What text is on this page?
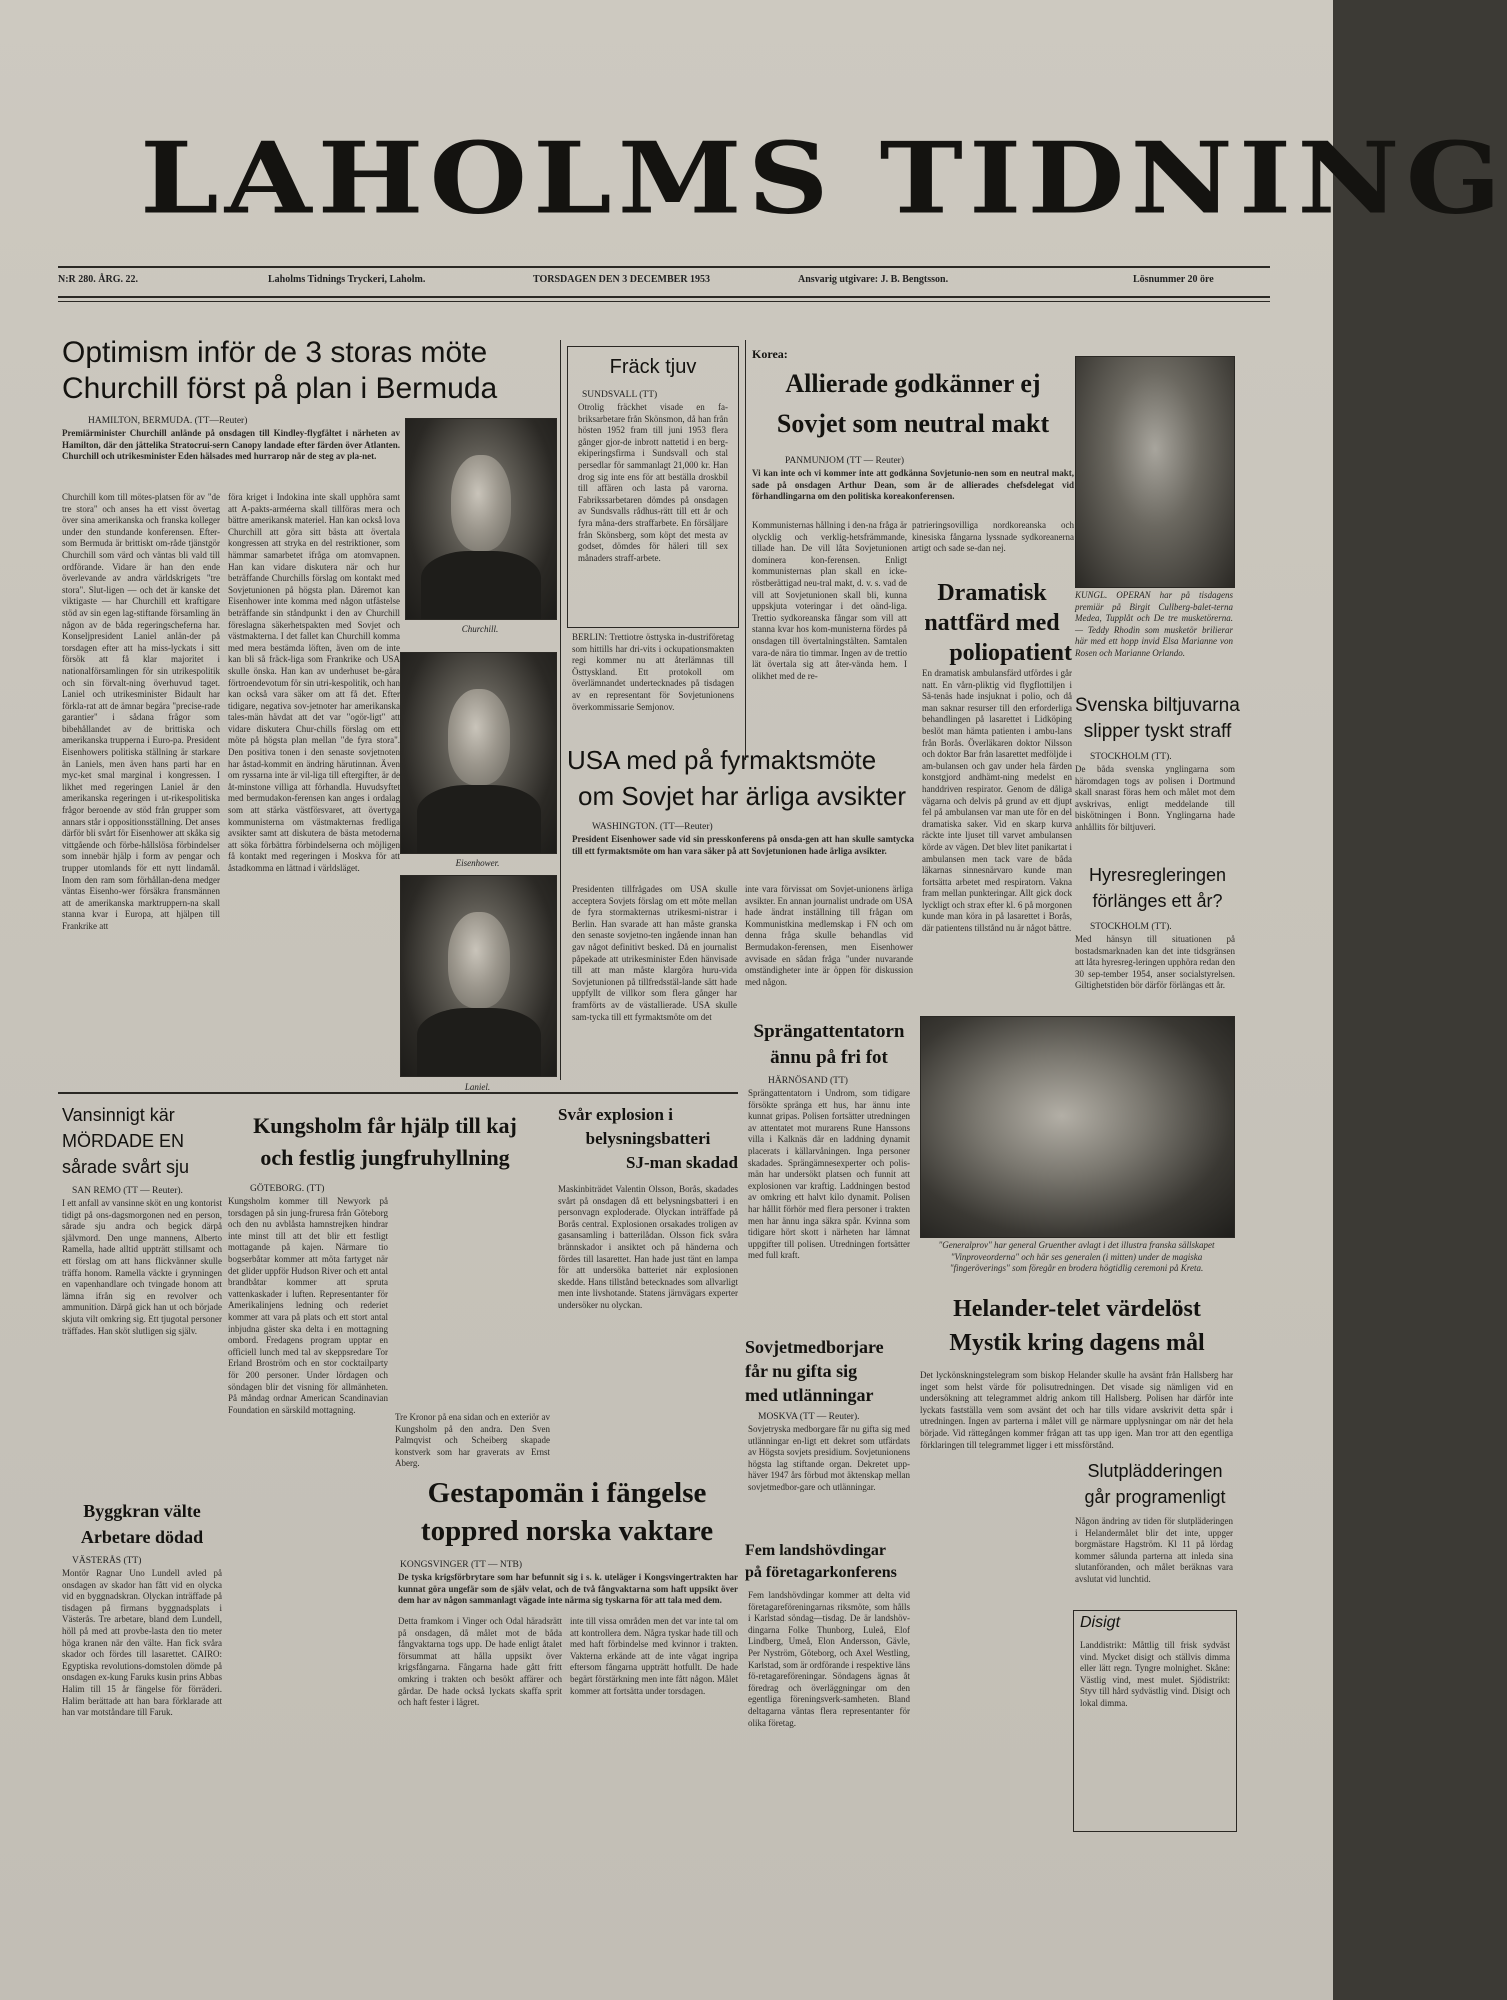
LAHOLMS TIDNING
N:R 280. ÅRG. 22.	Laholms Tidnings Tryckeri, Laholm.	TORSDAGEN DEN 3 DECEMBER 1953	Ansvarig utgivare: J. B. Bengtsson.	Lösnummer 20 öre
Optimism inför de 3 storas möte
Churchill först på plan i Bermuda
HAMILTON, BERMUDA. (TT—Reuter)
Premiärminister Churchill anlände på onsdagen till Kindley-flygfältet i närheten av Hamilton, där den jättelika Stratocrui-sern Canopy landade efter färden över Atlanten. Churchill och utrikesminister Eden hälsades med hurrarop när de steg av pla-net.
Churchill kom till mötes-platsen för av "de tre stora" och anses ha ett visst övertag över sina amerikanska och franska kolleger under den stundande konferensen. Efter-som Bermuda är brittiskt om-råde tjänstgör Churchill som värd och väntas bli vald till ordförande. Vidare är han den ende överlevande av andra världskrigets "tre stora". Slut-ligen — och det är kanske det viktigaste — har Churchill ett kraftigare stöd av sin egen lag-stiftande församling än någon av de båda regeringscheferna har. Konseljpresident Laniel anlän-der på torsdagen efter att ha miss-lyckats i sitt försök att få klar majoritet i nationalförsamlingen för sin utrikespolitik och sin förvalt-ning överhuvud taget. Laniel och utrikesminister Bidault har förkla-rat att de ämnar begära "precise-rade garantier" i sådana frågor som bibehållandet av de brittiska och amerikanska trupperna i Euro-pa. President Eisenhowers politiska ställning är starkare än Laniels, men även hans parti har en myc-ket smal marginal i kongressen. I likhet med regeringen Laniel är den amerikanska regeringen i ut-rikespolitiska frågor beroende av stöd från grupper som annars står i oppositionsställning. Det anses därför bli svårt för Eisenhower att skåka sig vittgående och förbe-hållslösa förbindelser som innebär hjälp i form av pengar och trupper utomlands för ett nytt lindamål. Inom den ram som förhållan-dena medger väntas Eisenho-wer försäkra fransmännen att de amerikanska marktruppern-na skall stanna kvar i Europa, att hjälpen till Frankrike att
föra kriget i Indokina inte skall upphöra samt att A-pakts-arméerna skall tillföras mera och bättre amerikansk materiel. Han kan också lova Churchill att göra sitt bästa att övertala kongressen att stryka en del restriktioner, som hämmar samarbetet ifråga om atomvapnen. Han kan vidare diskutera när och hur beträffande Churchills förslag om kontakt med Sovjetunionen på högsta plan. Däremot kan Eisenhower inte komma med någon utfästelse beträffande sin ståndpunkt i den av Churchill föreslagna säkerhetspakten med Sovjet och västmakterna. I det fallet kan Churchill komma med mera bestämda löften, även om de inte kan bli så fräck-liga som Frankrike och USA skulle önska. Han kan av underhuset be-gära förtroendevotum för sin utri-kespolitik, och han kan också vara säker om att få det. Efter tidigare, negativa sov-jetnoter har amerikanska tales-män hävdat att det var "ogör-ligt" att vidare diskutera Chur-chills förslag om ett möte på högsta plan mellan "de fyra stora". Den positiva tonen i den senaste sovjetnoten har åstad-kommit en ändring härutinnan. Även om ryssarna inte är vil-liga till eftergifter, är de åt-minstone villiga att förhandla. Huvudsyftet med bermudakon-ferensen kan anges i ordalag som att stärka västförsvaret, att övertyga kommunisterna om västmakternas fredliga avsikter samt att diskutera de bästa metoderna att söka förbättra förbindelserna och möjligen få kontakt med regeringen i Moskva för att åstadkomma en lättnad i världsläget.
Churchill.
Eisenhower.
Laniel.
Fräck tjuv
SUNDSVALL (TT)
Otrolig fräckhet visade en fa-briksarbetare från Skönsmon, då han från hösten 1952 fram till juni 1953 flera gånger gjor-de inbrott nattetid i en berg-ekiperingsfirma i Sundsvall och stal persedlar för sammanlagt 21,000 kr. Han drog sig inte ens för att beställa droskbil till affären och lasta på varorna. Fabrikssarbetaren dömdes på onsdagen av Sundsvalls rådhus-rätt till ett år och fyra måna-ders straffarbete. En försäljare från Skönsberg, som köpt det mesta av godset, dömdes för häleri till sex månaders straff-arbete.
BERLIN: Trettiotre östtyska in-dustriföretag som hittills har dri-vits i ockupationsmakten regi kommer nu att återlämnas till Östtyskland. Ett protokoll om överlämnandet undertecknades på tisdagen av en representant för Sovjetunionens överkommissarie Semjonov.
Korea:
Allierade godkänner ej
Sovjet som neutral makt
PANMUNJOM (TT — Reuter)
Vi kan inte och vi kommer inte att godkänna Sovjetunio-nen som en neutral makt, sade på onsdagen Arthur Dean, som är de allierades chefsdelegat vid förhandlingarna om den politiska koreakonferensen.
Kommunisternas hållning i den-na fråga är olycklig och verklig-hetsfrämmande, tillade han. De vill låta Sovjetunionen dominera kon-ferensen. Enligt kommunisternas plan skall en icke-röstberättigad neu-tral makt, d. v. s. vad de vill att Sovjetunionen skall bli, kunna uppskjuta voteringar i det oänd-liga. Trettio sydkoreanska fångar som vill att stanna kvar hos kom-munisterna fördes på onsdagen till övertalningstälten. Samtalen vara-de nära tio timmar. Ingen av de trettio lät övertala sig att åter-vända hem. I olikhet med de re-
patrieringsovilliga nordkoreanska och kinesiska fångarna lyssnade sydkoreanerna artigt och sade se-dan nej.
USA med på fyrmaktsmöte
om Sovjet har ärliga avsikter
WASHINGTON. (TT—Reuter)
President Eisenhower sade vid sin presskonferens på onsda-gen att han skulle samtycka till ett fyrmaktsmöte om han vara säker på att Sovjetunionen hade ärliga avsikter.
Presidenten tillfrågades om USA skulle acceptera Sovjets förslag om ett möte mellan de fyra stormakternas utrikesmi-nistrar i Berlin. Han svarade att han måste granska den senaste sovjetno-ten ingående innan han gav något definitivt besked. Då en journalist påpekade att utrikesminister Eden hänvisade till att man måste klargöra huru-vida Sovjetunionen på tillfredsstäl-lande sätt hade uppfyllt de villkor som flera gånger har framförts av de västallierade. USA skulle sam-tycka till ett fyrmaktsmöte om det
inte vara förvissat om Sovjet-unionens ärliga avsikter. En annan journalist undrade om USA hade ändrat inställning till frågan om Kommunistkina medlemskap i FN och om denna fråga skulle behandlas vid Bermudakon-ferensen, men Eisenhower avvisade en sådan fråga "under nuvarande omständigheter inte är öppen för diskussion med någon.
Dramatisk
nattfärd med
poliopatient
En dramatisk ambulansfärd utfördes i går natt. En vårn-pliktig vid flygflottiljen i Sä-tenäs hade insjuknat i polio, och då man saknar resurser till den erforderliga behandlingen på lasarettet i Lidköping beslöt man hämta patienten i ambu-lans från Borås. Överläkaren doktor Nilsson och doktor Bar från lasarettet medföljde i am-bulansen och gav under hela färden konstgjord andhämt-ning medelst en handdriven respirator. Genom de dåliga vägarna och delvis på grund av ett djupt fel på ambulansen var man ute för en del dramatiska saker. Vid en skarp kurva räckte inte ljuset till varvet ambulansen körde av vägen. Det blev litet panikartat i ambulansen men tack vare de båda läkarnas sinnesnärvaro kunde man fortsätta arbetet med respiratorn. Vakna fram mellan punkteringar. Allt gick dock lyckligt och strax efter kl. 6 på morgonen kunde man köra in på lasarettet i Borås, där patientens tillstånd nu är något bättre.
KUNGL. OPERAN har på tisdagens premiär på Birgit Cullberg-balet-terna Medea, Tupplåt och De tre musketörerna. — Teddy Rhodin som musketör brilierar här med ett hopp invid Elsa Marianne von Rosen och Marianne Orlando.
Svenska biltjuvarna
slipper tyskt straff
STOCKHOLM (TT).
De båda svenska ynglingarna som häromdagen togs av polisen i Dortmund skall snarast föras hem och målet mot dem avskrivas, enligt meddelande till biskötningen i Bonn. Ynglingarna hade anhållits för biltjuveri.
Hyresregleringen
förlänges ett år?
STOCKHOLM (TT).
Med hänsyn till situationen på bostadsmarknaden kan det inte tidsgränsen att låta hyresreg-leringen upphöra redan den 30 sep-tember 1954, anser socialstyrelsen. Giltighetstiden bör därför förlängas ett år.
"Generalprov" har general Gruenther avlagt i det illustra franska sällskapet "Vinproveorderna" och här ses generalen (i mitten) under de magiska "fingeröverings" som föregår en brodera högtidlig ceremoni på Kreta.
Sprängattentatorn
ännu på fri fot
HÄRNÖSAND (TT)
Sprängattentatorn i Undrom, som tidigare försökte spränga ett hus, har ännu inte kunnat gripas. Polisen fortsätter utredningen av attentatet mot murarens Rune Hanssons villa i Kalknäs där en laddning dynamit placerats i källarvåningen. Inga personer skadades. Sprängämnesexperter och polis-män har undersökt platsen och funnit att explosionen var kraftig. Laddningen bestod av omkring ett halvt kilo dynamit. Polisen har hållit förhör med flera personer i trakten men har ännu inga säkra spår. Kvinna som tidigare hört skott i närheten har lämnat uppgifter till polisen. Utredningen fortsätter med full kraft.
Sovjetmedborjare
får nu gifta sig
med utlänningar
MOSKVA (TT — Reuter).
Sovjetryska medborgare får nu gifta sig med utlänningar en-ligt ett dekret som utfärdats av Högsta sovjets presidium. Sovjetunionens högsta lag stiftande organ. Dekretet upp-häver 1947 års förbud mot äktenskap mellan sovjetmedbor-gare och utlänningar.
Fem landshövdingar
på företagarkonferens
Fem landshövdingar kommer att delta vid företagareföreningarnas riksmöte, som hålls i Karlstad söndag—tisdag. De är landshöv-dingarna Folke Thunborg, Luleå, Elof Lindberg, Umeå, Elon Andersson, Gävle, Per Nyström, Göteborg, och Axel Westling, Karlstad, som är ordförande i respektive läns fö-retagareföreningar. Söndagens ägnas åt föredrag och överläggningar om den egentliga föreningsverk-samheten. Bland deltagarna väntas flera representanter för olika företag.
Helander-telet värdelöst
Mystik kring dagens mål
Det lyckönskningstelegram som biskop Helander skulle ha avsänt från Hallsberg har inget som helst värde för polisutredningen. Det visade sig nämligen vid en undersökning att telegrammet aldrig ankom till Hallsberg. Polisen har därför inte lyckats fastställa vem som avsänt det och har tills vidare avskrivit detta spår i utredningen. Ingen av parterna i målet vill ge närmare upplysningar om när det hela började. Vid rättegången kommer frågan att tas upp igen. Man tror att den egentliga förklaringen till telegrammet ligger i ett missförstånd.
Slutplädderingen
går programenligt
Någon ändring av tiden för slutpläderingen i Helandermålet blir det inte, uppger borgmästare Hagström. Kl 11 på lördag kommer sålunda parterna att inleda sina slutanföranden, och målet beräknas vara avslutat vid lunchtid.
Disigt
Landdistrikt: Måttlig till frisk sydväst vind. Mycket disigt och ställvis dimma eller lätt regn. Tyngre molnighet. Skåne: Västlig vind, mest mulet. Sjödistrikt: Styv till hård sydvästlig vind. Disigt och lokal dimma.
Vansinnigt kär
MÖRDADE EN
sårade svårt sju
SAN REMO (TT — Reuter).
I ett anfall av vansinne sköt en ung kontorist tidigt på ons-dagsmorgonen ned en person, sårade sju andra och begick därpå självmord. Den unge mannens, Alberto Ramella, hade alltid uppträtt stillsamt och ett förslag om att hans flickvänner skulle träffa honom. Ramella väckte i grynningen en vapenhandlare och tvingade honom att lämna ifrån sig en revolver och ammunition. Därpå gick han ut och började skjuta vilt omkring sig. Ett tjugotal personer träffades. Han sköt slutligen sig själv.
Byggkran välte
Arbetare dödad
VÄSTERÅS (TT)
Montör Ragnar Uno Lundell avled på onsdagen av skador han fått vid en olycka vid en byggnadskran. Olyckan inträffade på tisdagen på firmans byggnadsplats i Västerås. Tre arbetare, bland dem Lundell, höll på med att provbe-lasta den tio meter höga kranen när den välte. Han fick svåra skador och fördes till lasarettet. CAIRO: Egyptiska revolutions-domstolen dömde på onsdagen ex-kung Faruks kusin prins Abbas Halim till 15 år fängelse för förräderi. Halim berättade att han bara förklarade att han var motståndare till Faruk.
Kungsholm får hjälp till kaj
och festlig jungfruhyllning
GÖTEBORG. (TT)
Kungsholm kommer till Newyork på torsdagen på sin jung-fruresa från Göteborg och den nu avblåsta hamnstrejken hindrar inte minst till att det blir ett festligt mottagande på kajen. Närmare tio bogserbåtar kommer att möta fartyget när det glider uppför Hudson River och ett antal brandbåtar kommer att spruta vattenkaskader i luften. Representanter för Amerikalinjens ledning och rederiet kommer att vara på plats och ett stort antal inbjudna gäster ska delta i en mottagning ombord. Fredagens program upptar en officiell lunch med tal av skeppsredare Tor Erland Broström och en stor cocktailparty för 200 personer. Under lördagen och söndagen blir det visning för allmänheten. På måndag ordnar American Scandinavian Foundation en särskild mottagning.
Svår explosion i
belysningsbatteri
SJ-man skadad
Maskinbiträdet Valentin Olsson, Borås, skadades svårt på onsdagen då ett belysningsbatteri i en personvagn exploderade. Olyckan inträffade på Borås central. Explosionen orsakades troligen av gasansamling i batterilådan. Olsson fick svåra brännskador i ansiktet och på händerna och fördes till lasarettet. Han hade just tänt en lampa för att undersöka batteriet när explosionen skedde. Hans tillstånd betecknades som allvarligt men inte livshotande. Statens järnvägars experter undersöker nu olyckan.
Tre Kronor på ena sidan och en exteriör av Kungsholm på den andra. Den Sven Palmqvist och Scheiberg skapade konstverk som har graverats av Ernst Aberg.
Gestapomän i fängelse
toppred norska vaktare
KONGSVINGER (TT — NTB)
De tyska krigsförbrytare som har befunnit sig i s. k. uteläger i Kongsvingertrakten har kunnat göra ungefär som de själv velat, och de två fångvaktarna som haft uppsikt över dem har av någon sammanlagt vägade inte närma sig tyskarna för att tala med dem.
Detta framkom i Vinger och Odal häradsrätt på onsdagen, då målet mot de båda fångvaktarna togs upp. De hade enligt åtalet försummat att hålla uppsikt över krigsfångarna. Fångarna hade gått fritt omkring i trakten och besökt affärer och gårdar. De hade också lyckats skaffa sprit och haft fester i lägret.
inte till vissa områden men det var inte tal om att kontrollera dem. Några tyskar hade till och med haft förbindelse med kvinnor i trakten. Vakterna erkände att de inte vågat ingripa eftersom fångarna uppträtt hotfullt. De hade begärt förstärkning men inte fått någon. Målet kommer att fortsätta under torsdagen.
